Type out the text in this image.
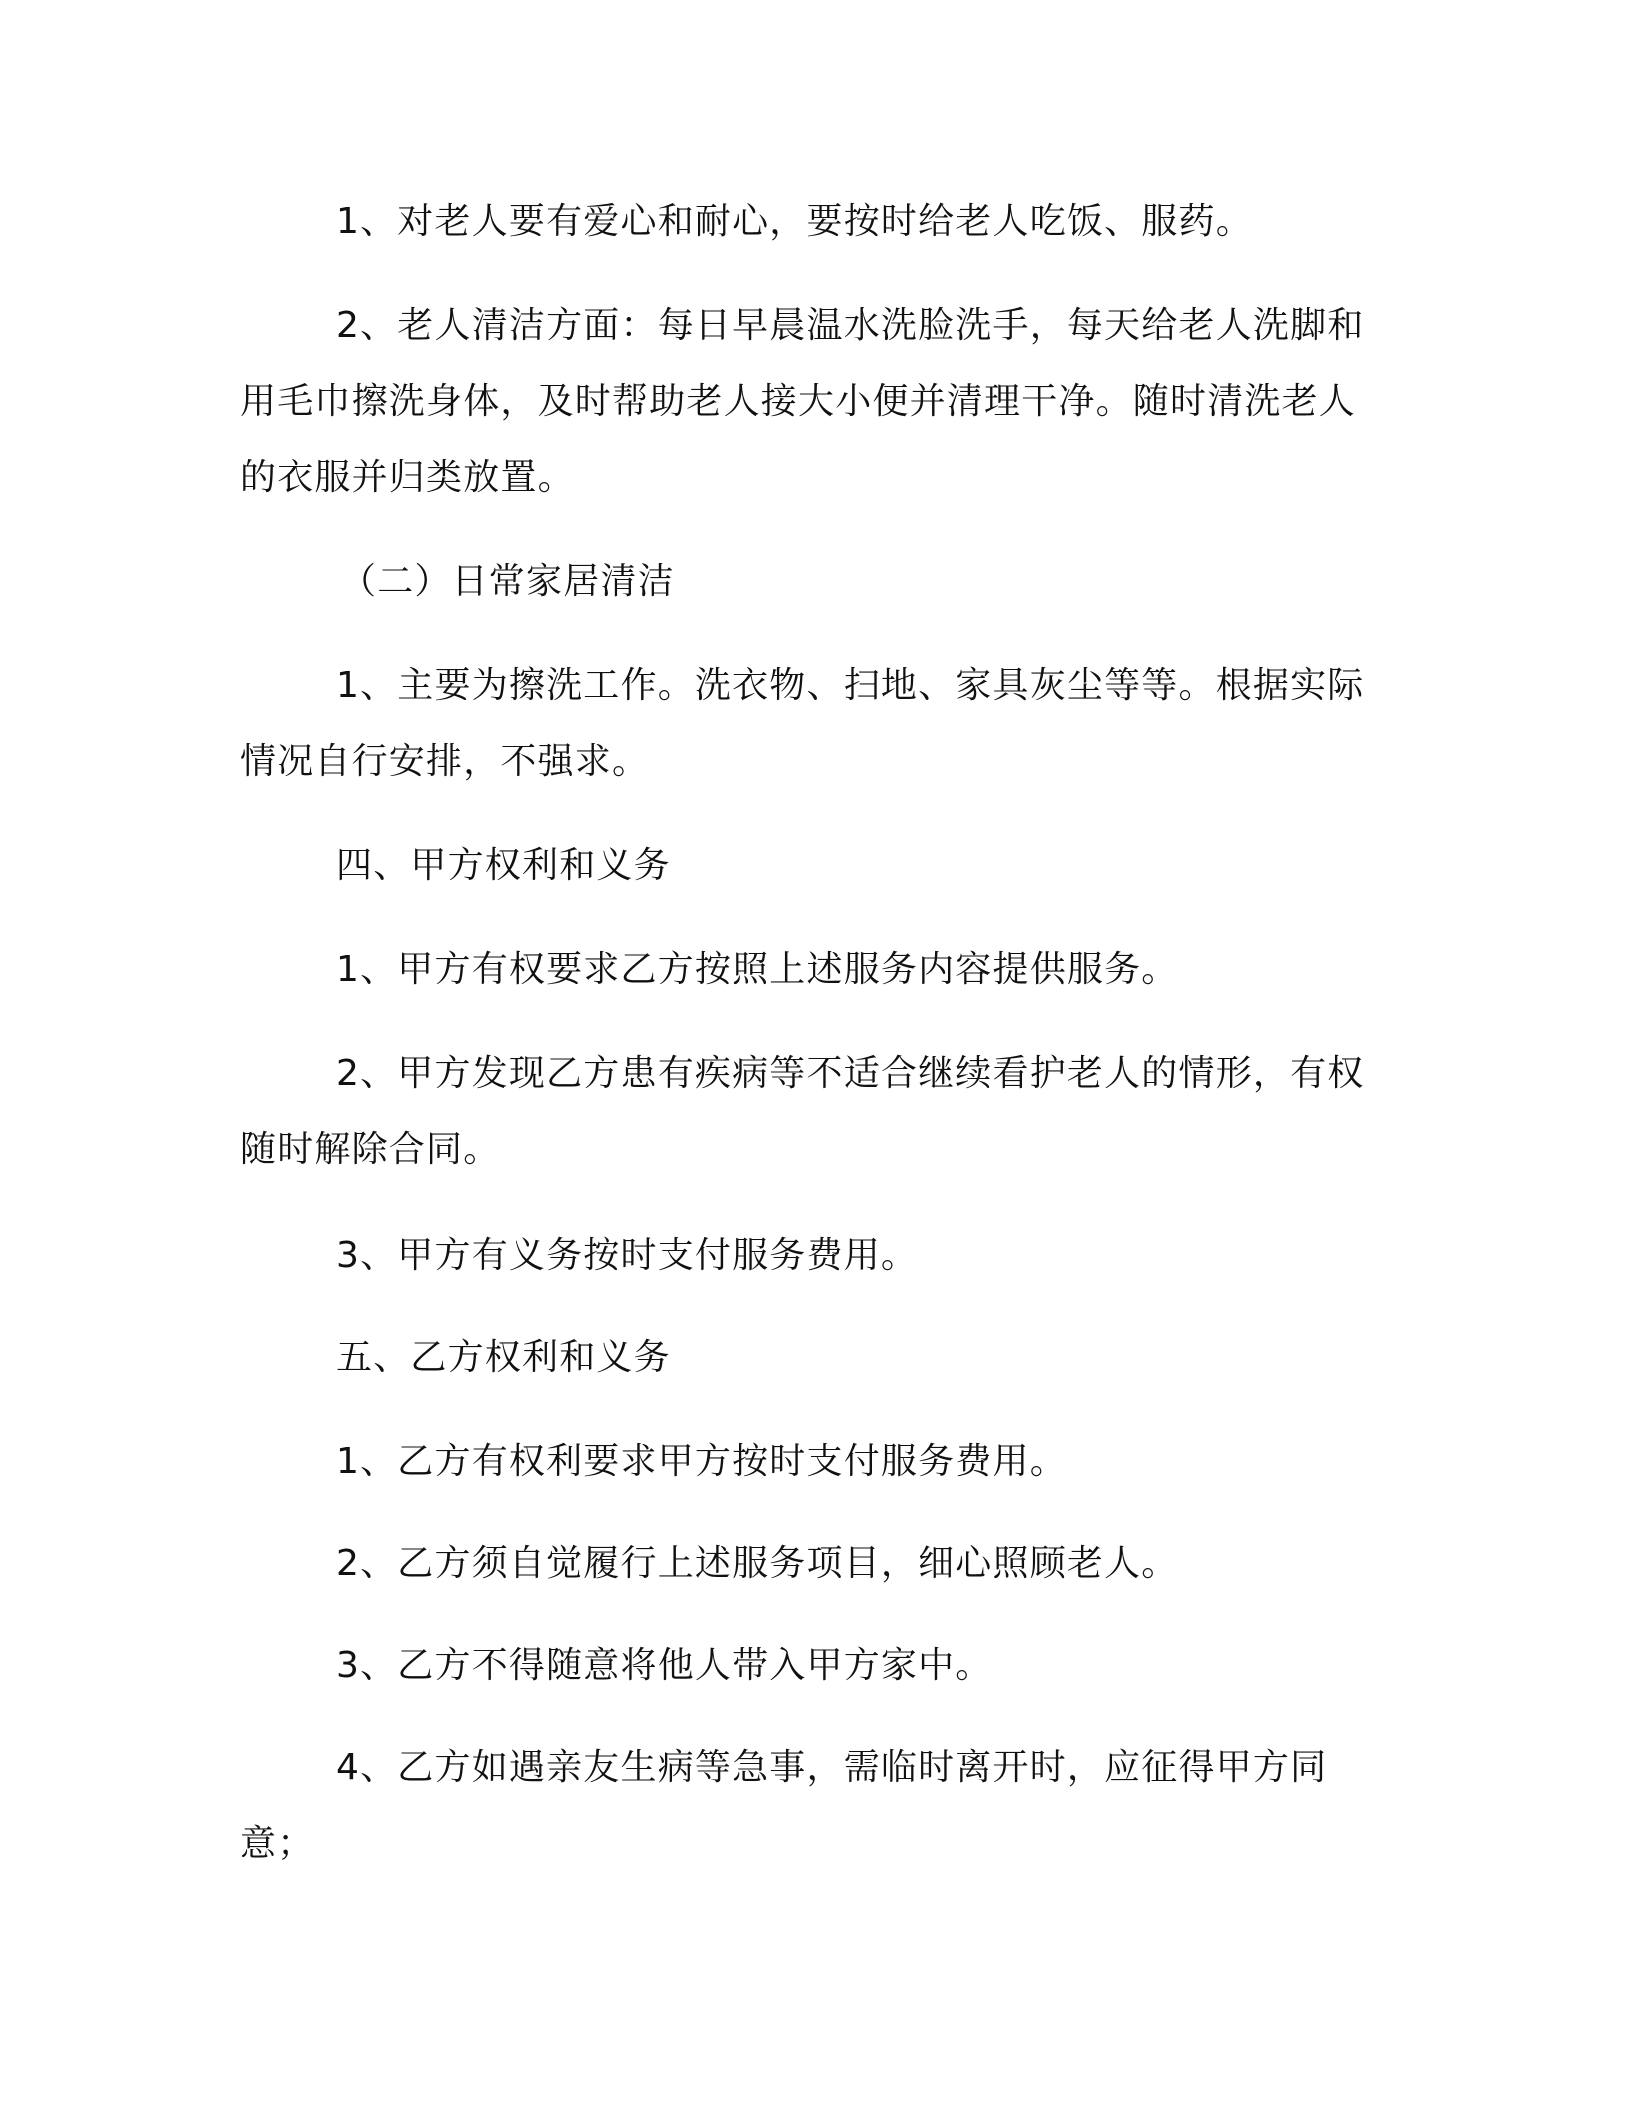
1、对老人要有爱心和耐心，要按时给老人吃饭、服药。

2、老人清洁方面：每日早晨温水洗脸洗手，每天给老人洗脚和用毛巾擦洗身体，及时帮助老人接大小便并清理干净。随时清洗老人的衣服并归类放置。

（二）日常家居清洁

1、主要为擦洗工作。洗衣物、扫地、家具灰尘等等。根据实际情况自行安排，不强求。

四、甲方权利和义务

1、甲方有权要求乙方按照上述服务内容提供服务。

2、甲方发现乙方患有疾病等不适合继续看护老人的情形，有权随时解除合同。

3、甲方有义务按时支付服务费用。

五、乙方权利和义务

1、乙方有权利要求甲方按时支付服务费用。

2、乙方须自觉履行上述服务项目，细心照顾老人。

3、乙方不得随意将他人带入甲方家中。

4、乙方如遇亲友生病等急事，需临时离开时，应征得甲方同意；
